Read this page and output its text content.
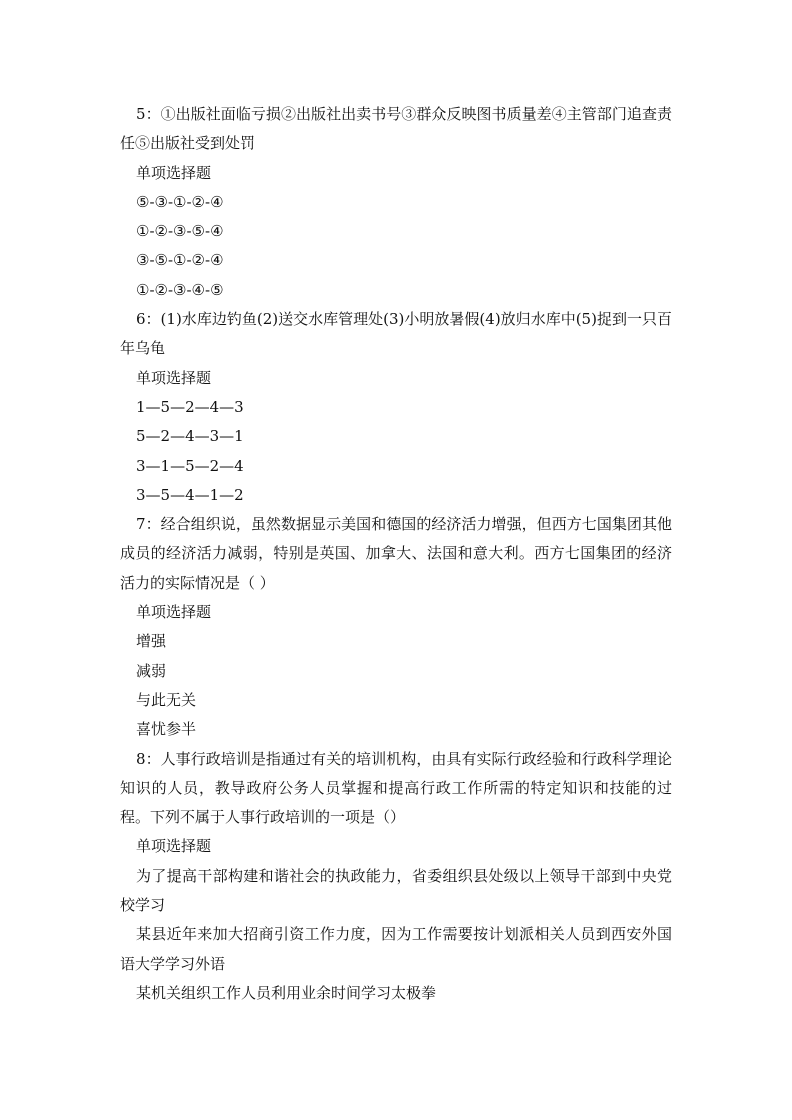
5：①出版社面临亏损②出版社出卖书号③群众反映图书质量差④主管部门追查责任⑤出版社受到处罚

单项选择题

⑤-③-①-②-④

①-②-③-⑤-④

③-⑤-①-②-④

①-②-③-④-⑤

6：(1)水库边钓鱼(2)送交水库管理处(3)小明放暑假(4)放归水库中(5)捉到一只百年乌龟

单项选择题

1—5—2—4—3

5—2—4—3—1

3—1—5—2—4

3—5—4—1—2

7：经合组织说，虽然数据显示美国和德国的经济活力增强，但西方七国集团其他成员的经济活力减弱，特别是英国、加拿大、法国和意大利。西方七国集团的经济活力的实际情况是（ ）

单项选择题

增强

减弱

与此无关

喜忧参半

8：人事行政培训是指通过有关的培训机构，由具有实际行政经验和行政科学理论知识的人员，教导政府公务人员掌握和提高行政工作所需的特定知识和技能的过程。下列不属于人事行政培训的一项是（）

单项选择题

为了提高干部构建和谐社会的执政能力，省委组织县处级以上领导干部到中央党校学习

某县近年来加大招商引资工作力度，因为工作需要按计划派相关人员到西安外国语大学学习外语

某机关组织工作人员利用业余时间学习太极拳
